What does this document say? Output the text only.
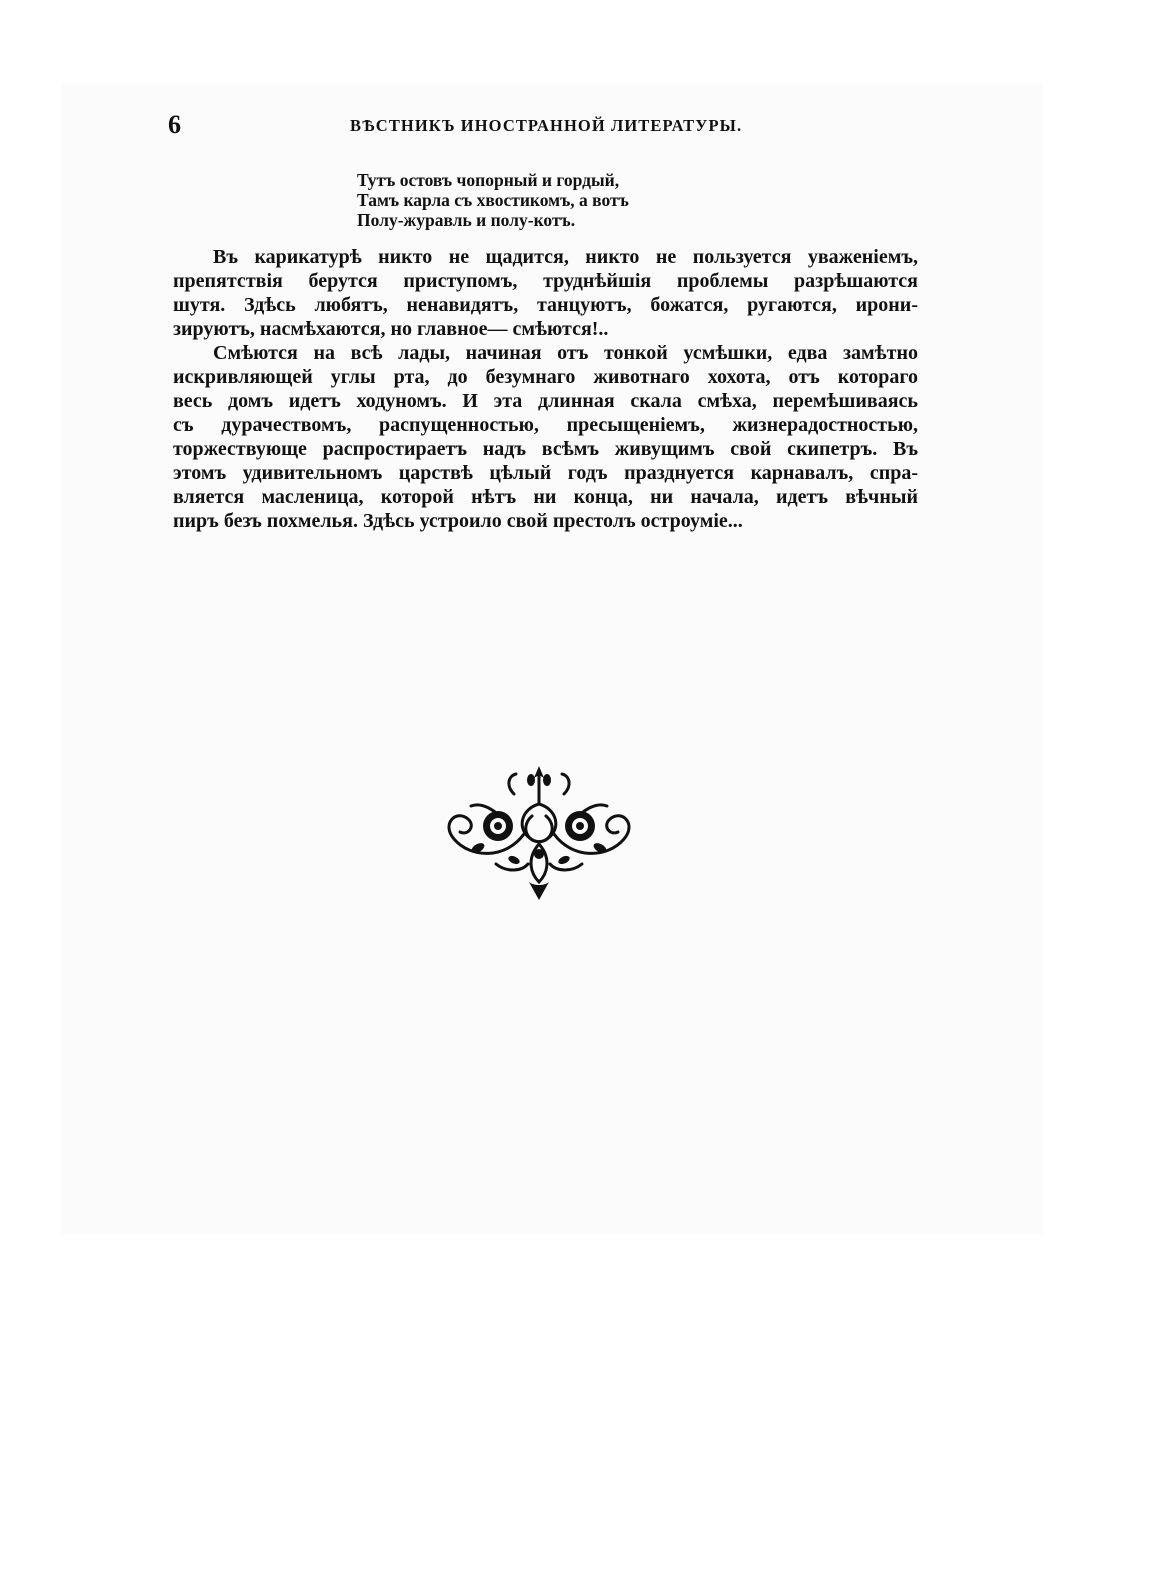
6	ВѢСТНИКЪ ИНОСТРАННОЙ ЛИТЕРАТУРЫ.
Тутъ остовъ чопорный и гордый,
Тамъ карла съ хвостикомъ, а вотъ
Полу-журавль и полу-котъ.
Въ карикатурѣ никто не щадится, никто не пользуется уваженіемъ,
препятствія берутся приступомъ, труднѣйшія проблемы разрѣшаются
шутя. Здѣсь любятъ, ненавидятъ, танцуютъ, божатся, ругаются, ирони-
зируютъ, насмѣхаются, но главное— смѣются!..
Смѣются на всѣ лады, начиная отъ тонкой усмѣшки, едва замѣтно
искривляющей углы рта, до безумнаго животнаго хохота, отъ котораго
весь домъ идетъ ходуномъ. И эта длинная скала смѣха, перемѣшиваясь
съ дурачествомъ, распущенностью, пресыщеніемъ, жизнерадостностью,
торжествующе распростираетъ надъ всѣмъ живущимъ свой скипетръ. Въ
этомъ удивительномъ царствѣ цѣлый годъ празднуется карнавалъ, спра-
вляется масленица, которой нѣтъ ни конца, ни начала, идетъ вѣчный
пиръ безъ похмелья. Здѣсь устроило свой престолъ остроуміе...
